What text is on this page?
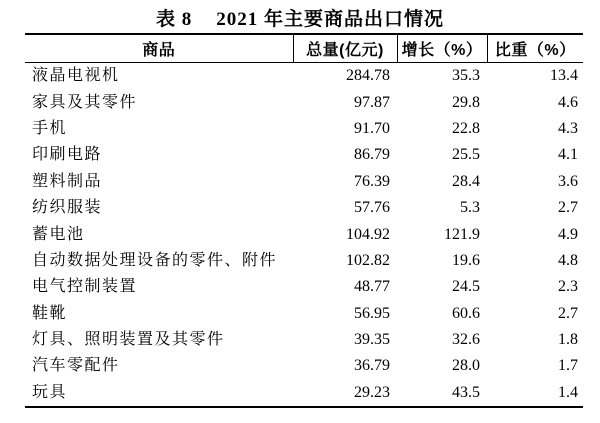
表 8 2021 年主要商品出口情况
商品	总量(亿元)	增长（%）	比重（%）
液晶电视机	284.78	35.3	13.4
家具及其零件	97.87	29.8	4.6
手机	91.70	22.8	4.3
印刷电路	86.79	25.5	4.1
塑料制品	76.39	28.4	3.6
纺织服装	57.76	5.3	2.7
蓄电池	104.92	121.9	4.9
自动数据处理设备的零件、附件	102.82	19.6	4.8
电气控制装置	48.77	24.5	2.3
鞋靴	56.95	60.6	2.7
灯具、照明装置及其零件	39.35	32.6	1.8
汽车零配件	36.79	28.0	1.7
玩具	29.23	43.5	1.4
